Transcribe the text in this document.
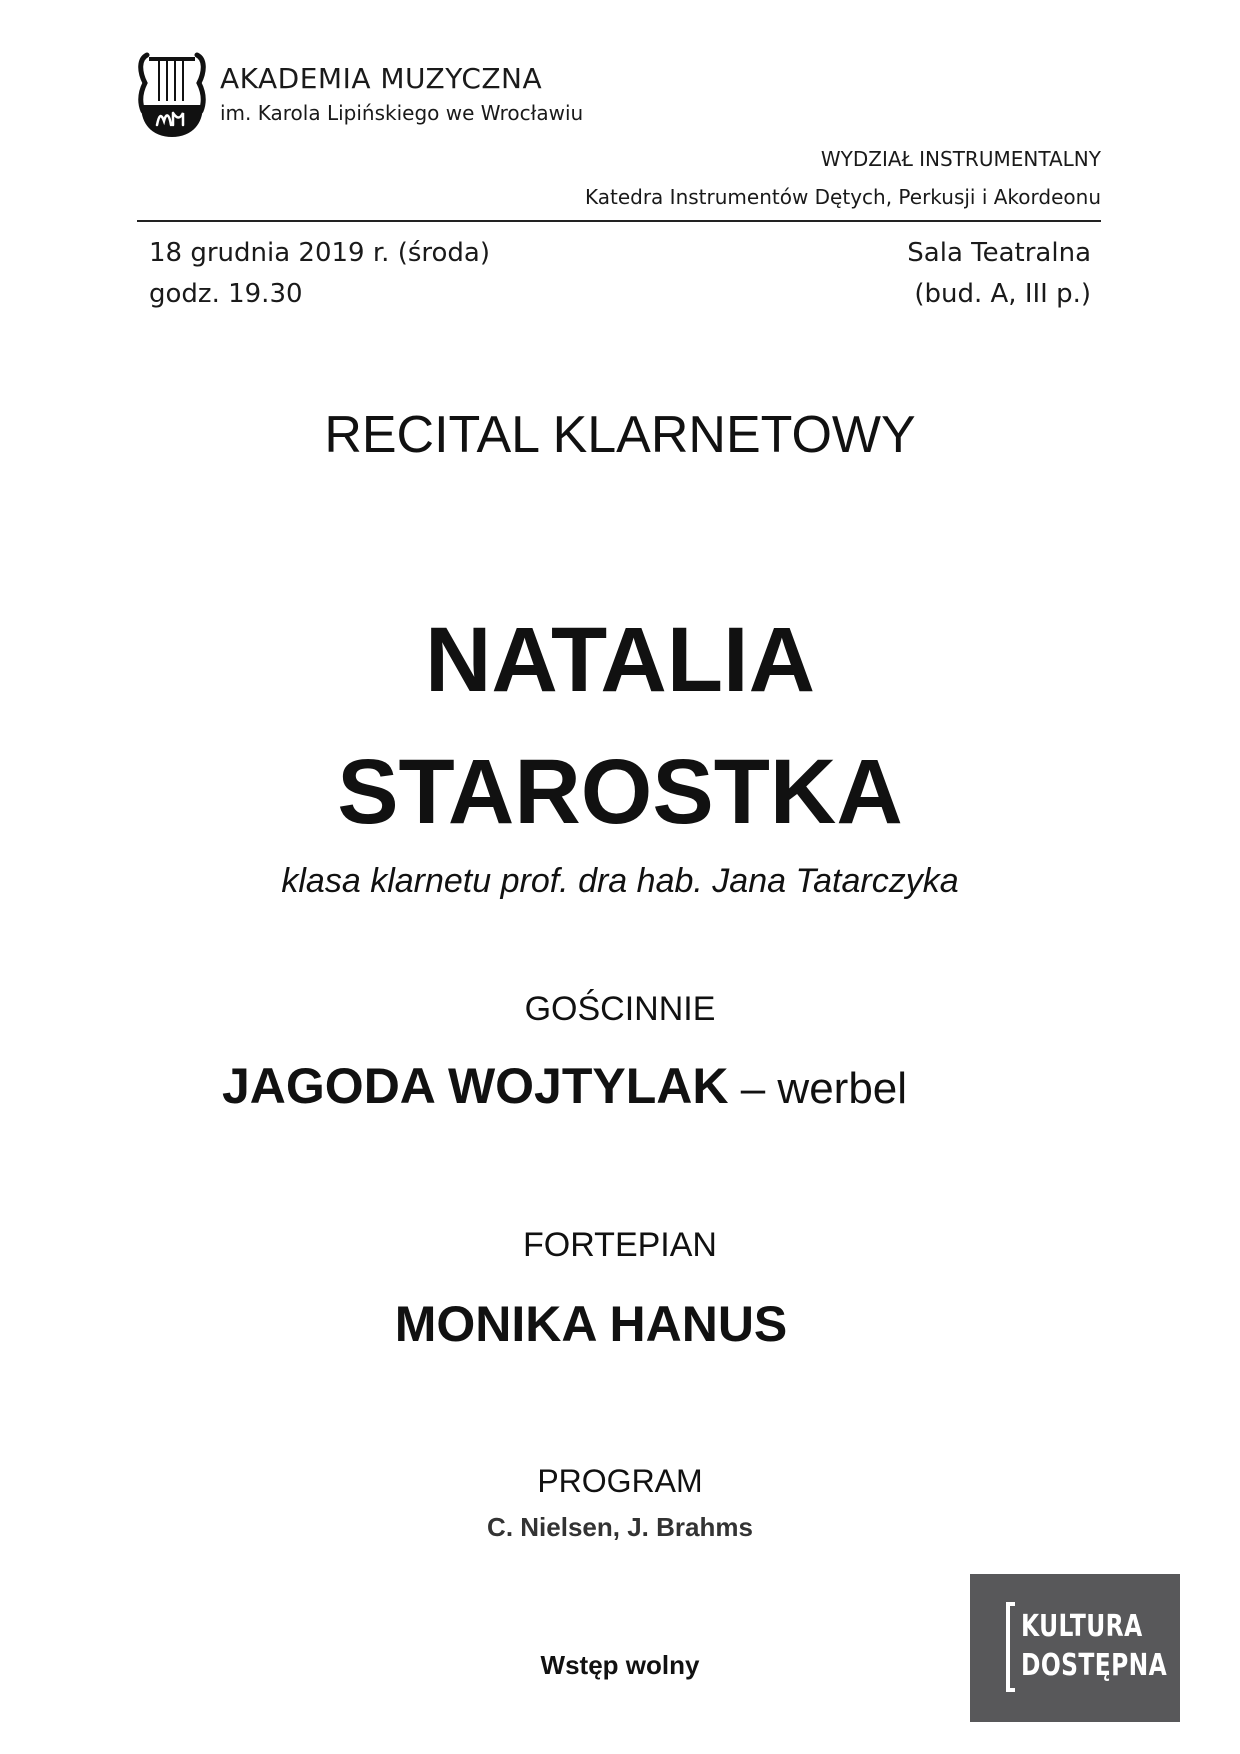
AKADEMIA MUZYCZNA
im. Karola Lipińskiego we Wrocławiu
WYDZIAŁ INSTRUMENTALNY
Katedra Instrumentów Dętych, Perkusji i Akordeonu
18 grudnia 2019 r. (środa)
godz. 19.30
Sala Teatralna
(bud. A, III p.)
RECITAL KLARNETOWY
NATALIA
STAROSTKA
klasa klarnetu prof. dra hab. Jana Tatarczyka
GOŚCINNIE
JAGODA WOJTYLAK – werbel
FORTEPIAN
MONIKA HANUS
PROGRAM
C. Nielsen, J. Brahms
Wstęp wolny
KULTURA
DOSTĘPNA
